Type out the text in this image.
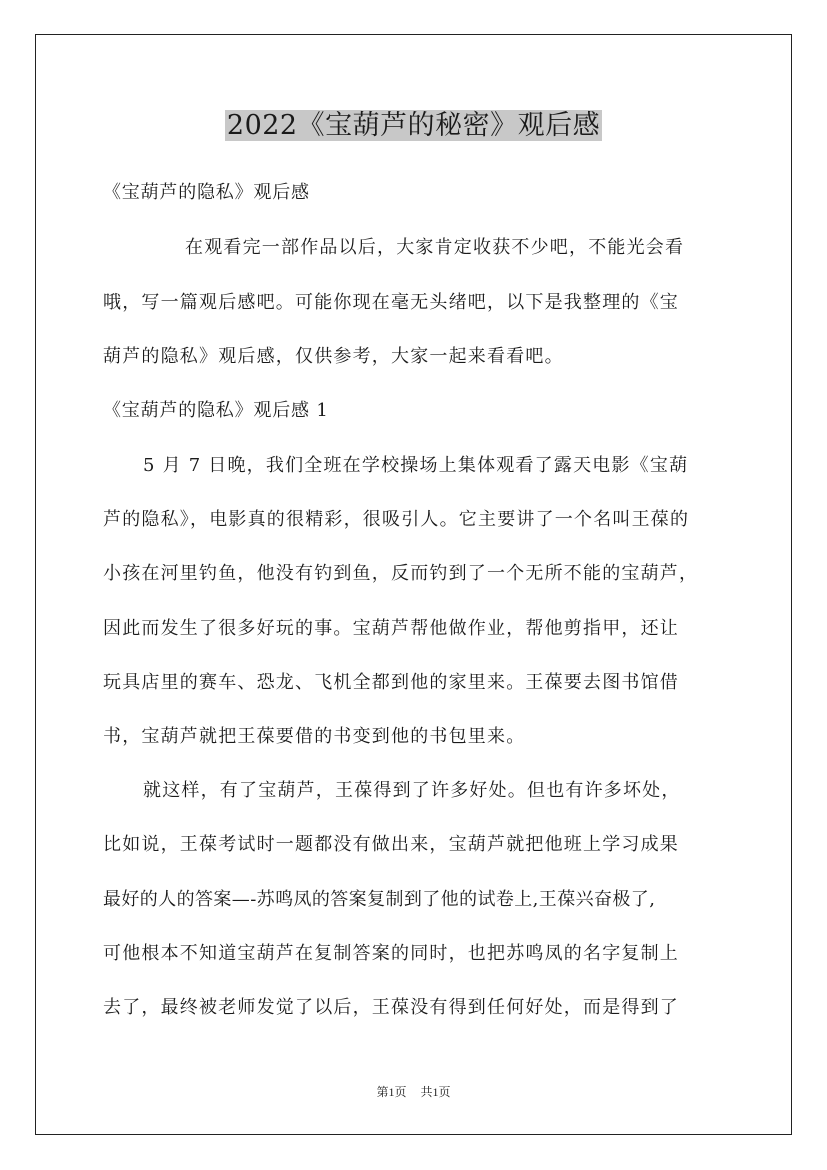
2022《宝葫芦的秘密》观后感

《宝葫芦的隐私》观后感

在观看完一部作品以后，大家肯定收获不少吧，不能光会看

哦，写一篇观后感吧。可能你现在毫无头绪吧，以下是我整理的《宝

葫芦的隐私》观后感，仅供参考，大家一起来看看吧。

《宝葫芦的隐私》观后感 1

5 月 7 日晚，我们全班在学校操场上集体观看了露天电影《宝葫

芦的隐私》，电影真的很精彩，很吸引人。它主要讲了一个名叫王葆的

小孩在河里钓鱼，他没有钓到鱼，反而钓到了一个无所不能的宝葫芦，

因此而发生了很多好玩的事。宝葫芦帮他做作业，帮他剪指甲，还让

玩具店里的赛车、恐龙、飞机全都到他的家里来。王葆要去图书馆借

书，宝葫芦就把王葆要借的书变到他的书包里来。

就这样，有了宝葫芦，王葆得到了许多好处。但也有许多坏处，

比如说，王葆考试时一题都没有做出来，宝葫芦就把他班上学习成果

最好的人的答案—-苏鸣凤的答案复制到了他的试卷上,王葆兴奋极了,

可他根本不知道宝葫芦在复制答案的同时，也把苏鸣凤的名字复制上

去了，最终被老师发觉了以后，王葆没有得到任何好处，而是得到了

第1页 共1页
